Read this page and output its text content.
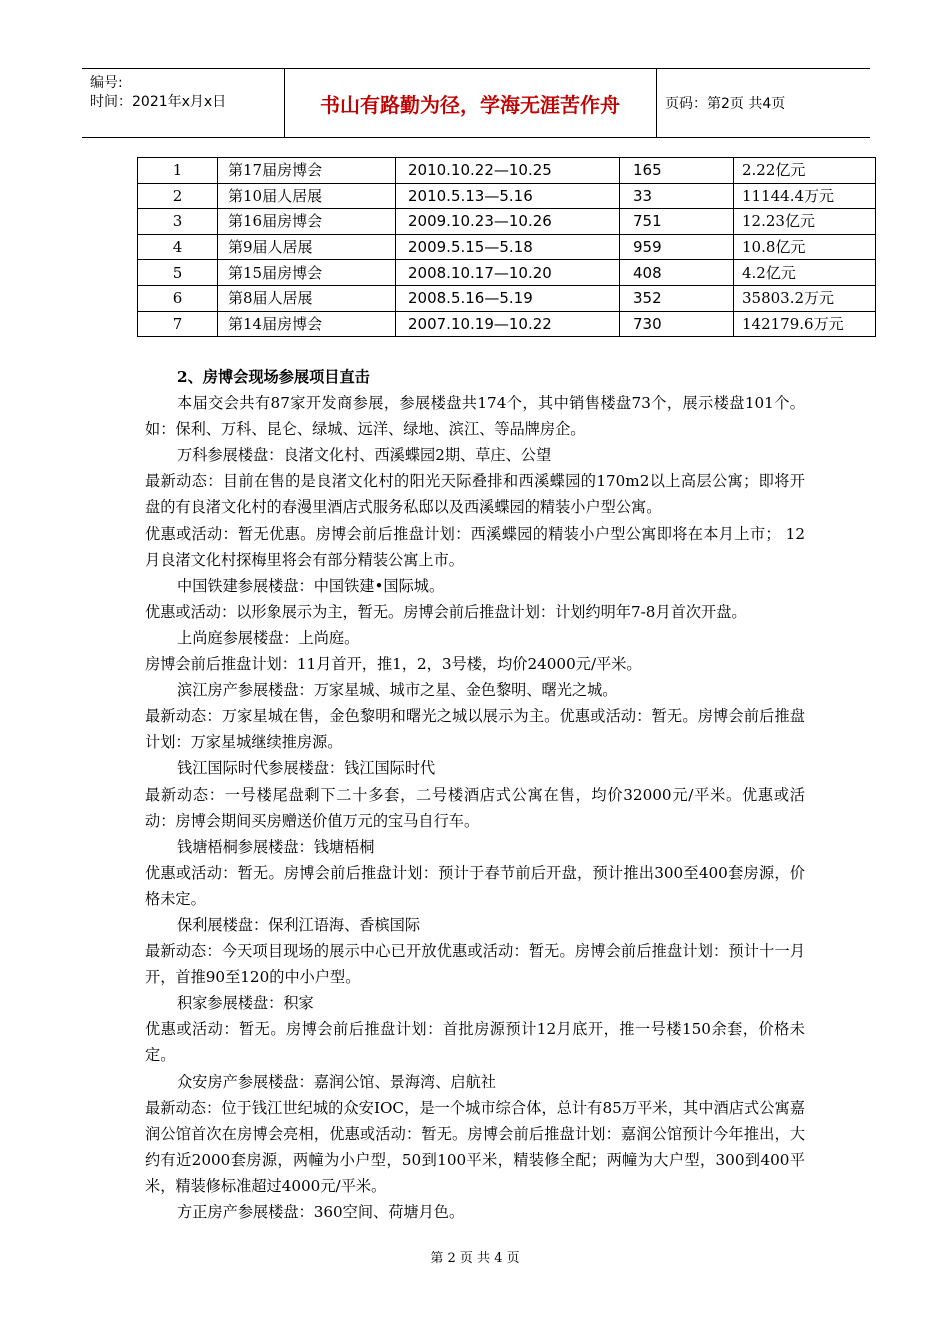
编号:
时间：2021年x月x日	书山有路勤为径，学海无涯苦作舟	页码：第2页 共4页
1	第17届房博会	2010.10.22—10.25	165	2.22亿元
2	第10届人居展	2010.5.13—5.16	33	11144.4万元
3	第16届房博会	2009.10.23—10.26	751	12.23亿元
4	第9届人居展	2009.5.15—5.18	959	10.8亿元
5	第15届房博会	2008.10.17—10.20	408	4.2亿元
6	第8届人居展	2008.5.16—5.19	352	35803.2万元
7	第14届房博会	2007.10.19—10.22	730	142179.6万元

2、房博会现场参展项目直击

本届交会共有87家开发商参展，参展楼盘共174个，其中销售楼盘73个，展示楼盘101个。如：保利、万科、昆仑、绿城、远洋、绿地、滨江、等品牌房企。

万科参展楼盘：良渚文化村、西溪蝶园2期、草庄、公望

最新动态：目前在售的是良渚文化村的阳光天际叠排和西溪蝶园的170m2以上高层公寓；即将开盘的有良渚文化村的春漫里酒店式服务私邸以及西溪蝶园的精装小户型公寓。

优惠或活动：暂无优惠。房博会前后推盘计划：西溪蝶园的精装小户型公寓即将在本月上市； 12月良渚文化村探梅里将会有部分精装公寓上市。

中国铁建参展楼盘：中国铁建•国际城。

优惠或活动：以形象展示为主，暂无。房博会前后推盘计划：计划约明年7-8月首次开盘。

上尚庭参展楼盘：上尚庭。

房博会前后推盘计划：11月首开，推1，2，3号楼，均价24000元/平米。

滨江房产参展楼盘：万家星城、城市之星、金色黎明、曙光之城。

最新动态：万家星城在售，金色黎明和曙光之城以展示为主。优惠或活动：暂无。房博会前后推盘计划：万家星城继续推房源。

钱江国际时代参展楼盘：钱江国际时代

最新动态：一号楼尾盘剩下二十多套，二号楼酒店式公寓在售，均价32000元/平米。优惠或活动：房博会期间买房赠送价值万元的宝马自行车。

钱塘梧桐参展楼盘：钱塘梧桐

优惠或活动：暂无。房博会前后推盘计划：预计于春节前后开盘，预计推出300至400套房源，价格未定。

保利展楼盘：保利江语海、香槟国际

最新动态：今天项目现场的展示中心已开放优惠或活动：暂无。房博会前后推盘计划：预计十一月开，首推90至120的中小户型。

积家参展楼盘：积家

优惠或活动：暂无。房博会前后推盘计划：首批房源预计12月底开，推一号楼150余套，价格未定。

众安房产参展楼盘：嘉润公馆、景海湾、启航社

最新动态：位于钱江世纪城的众安IOC，是一个城市综合体，总计有85万平米，其中酒店式公寓嘉润公馆首次在房博会亮相，优惠或活动：暂无。房博会前后推盘计划：嘉润公馆预计今年推出，大约有近2000套房源，两幢为小户型，50到100平米，精装修全配；两幢为大户型，300到400平米，精装修标准超过4000元/平米。

方正房产参展楼盘：360空间、荷塘月色。

第 2 页 共 4 页
